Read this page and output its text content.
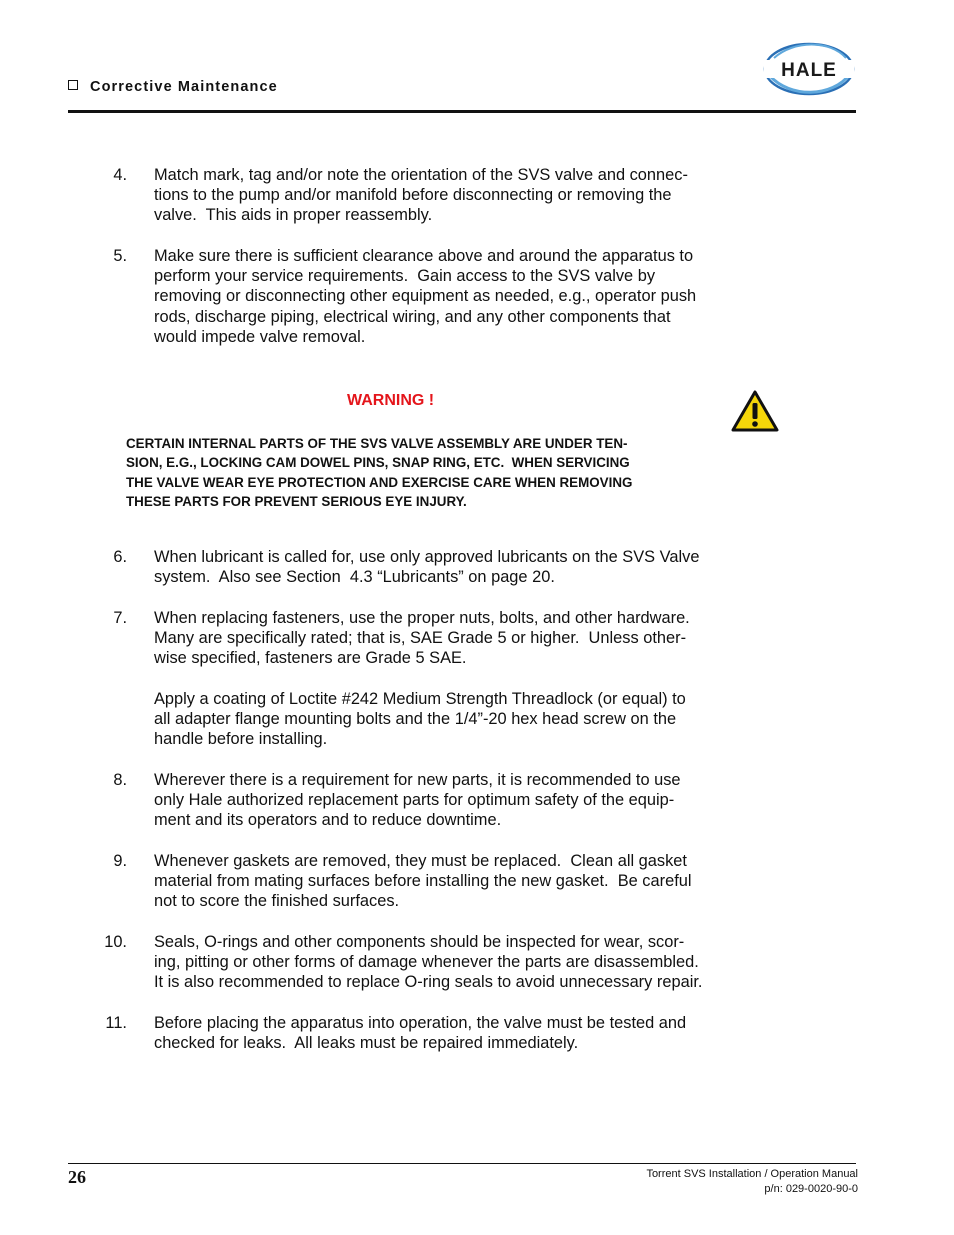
Corrective Maintenance
HALE
4. Match mark, tag and/or note the orientation of the SVS valve and connec-
tions to the pump and/or manifold before disconnecting or removing the
valve.  This aids in proper reassembly.
5. Make sure there is sufficient clearance above and around the apparatus to
perform your service requirements.  Gain access to the SVS valve by
removing or disconnecting other equipment as needed, e.g., operator push
rods, discharge piping, electrical wiring, and any other components that
would impede valve removal.
WARNING !
CERTAIN INTERNAL PARTS OF THE SVS VALVE ASSEMBLY ARE UNDER TEN-
SION, E.G., LOCKING CAM DOWEL PINS, SNAP RING, ETC.  WHEN SERVICING
THE VALVE WEAR EYE PROTECTION AND EXERCISE CARE WHEN REMOVING
THESE PARTS FOR PREVENT SERIOUS EYE INJURY.
6. When lubricant is called for, use only approved lubricants on the SVS Valve
system.  Also see Section  4.3 “Lubricants” on page 20.
7. When replacing fasteners, use the proper nuts, bolts, and other hardware.
Many are specifically rated; that is, SAE Grade 5 or higher.  Unless other-
wise specified, fasteners are Grade 5 SAE.
Apply a coating of Loctite #242 Medium Strength Threadlock (or equal) to
all adapter flange mounting bolts and the 1/4”-20 hex head screw on the
handle before installing.
8. Wherever there is a requirement for new parts, it is recommended to use
only Hale authorized replacement parts for optimum safety of the equip-
ment and its operators and to reduce downtime.
9. Whenever gaskets are removed, they must be replaced.  Clean all gasket
material from mating surfaces before installing the new gasket.  Be careful
not to score the finished surfaces.
10. Seals, O-rings and other components should be inspected for wear, scor-
ing, pitting or other forms of damage whenever the parts are disassembled.
It is also recommended to replace O-ring seals to avoid unnecessary repair.
11. Before placing the apparatus into operation, the valve must be tested and
checked for leaks.  All leaks must be repaired immediately.
26	Torrent SVS Installation / Operation Manual
p/n: 029-0020-90-0
